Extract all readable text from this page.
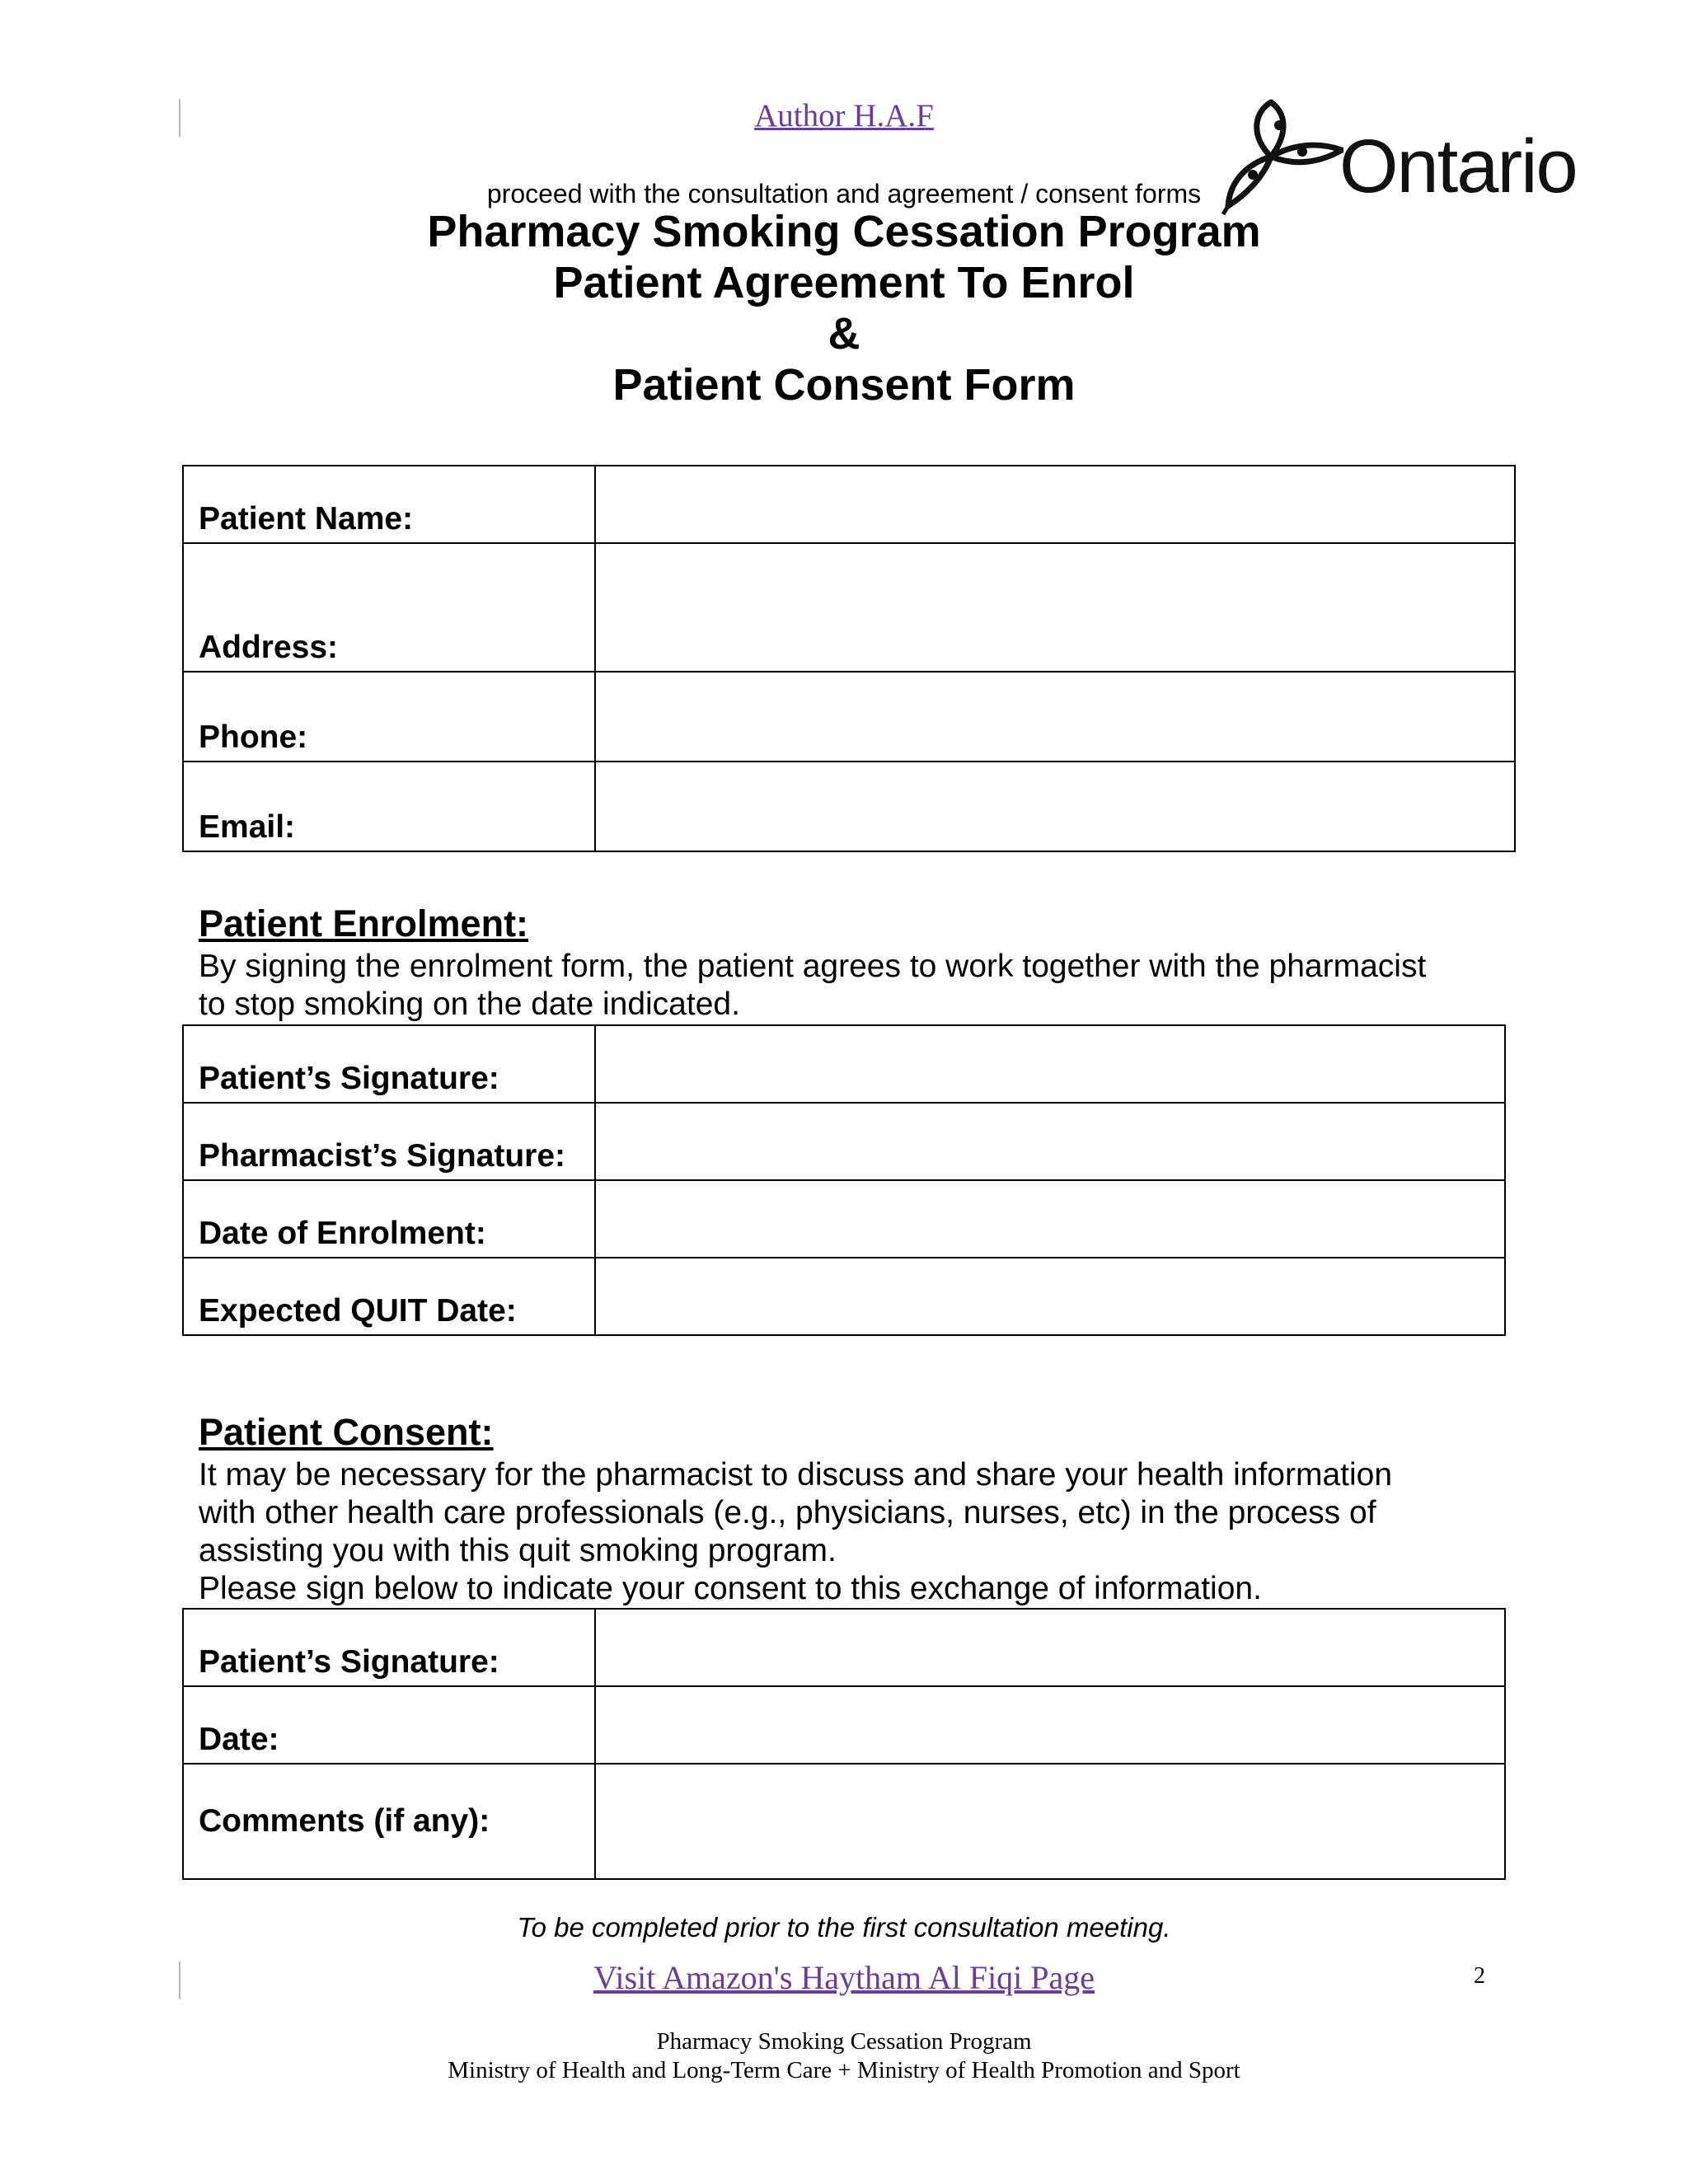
Author H.A.F
proceed with the consultation and agreement / consent forms	Ontario
Pharmacy Smoking Cessation Program
Patient Agreement To Enrol
&
Patient Consent Form
Patient Name:	
Address:	
Phone:	
Email:	
Patient Enrolment:
By signing the enrolment form, the patient agrees to work together with the pharmacist
to stop smoking on the date indicated.
Patient’s Signature:	
Pharmacist’s Signature:	
Date of Enrolment:	
Expected QUIT Date:	
Patient Consent:
It may be necessary for the pharmacist to discuss and share your health information
with other health care professionals (e.g., physicians, nurses, etc) in the process of
assisting you with this quit smoking program.
Please sign below to indicate your consent to this exchange of information.
Patient’s Signature:	
Date:	
Comments (if any):	
To be completed prior to the first consultation meeting.
Visit Amazon's Haytham Al Fiqi Page	2
Pharmacy Smoking Cessation Program
Ministry of Health and Long-Term Care + Ministry of Health Promotion and Sport
